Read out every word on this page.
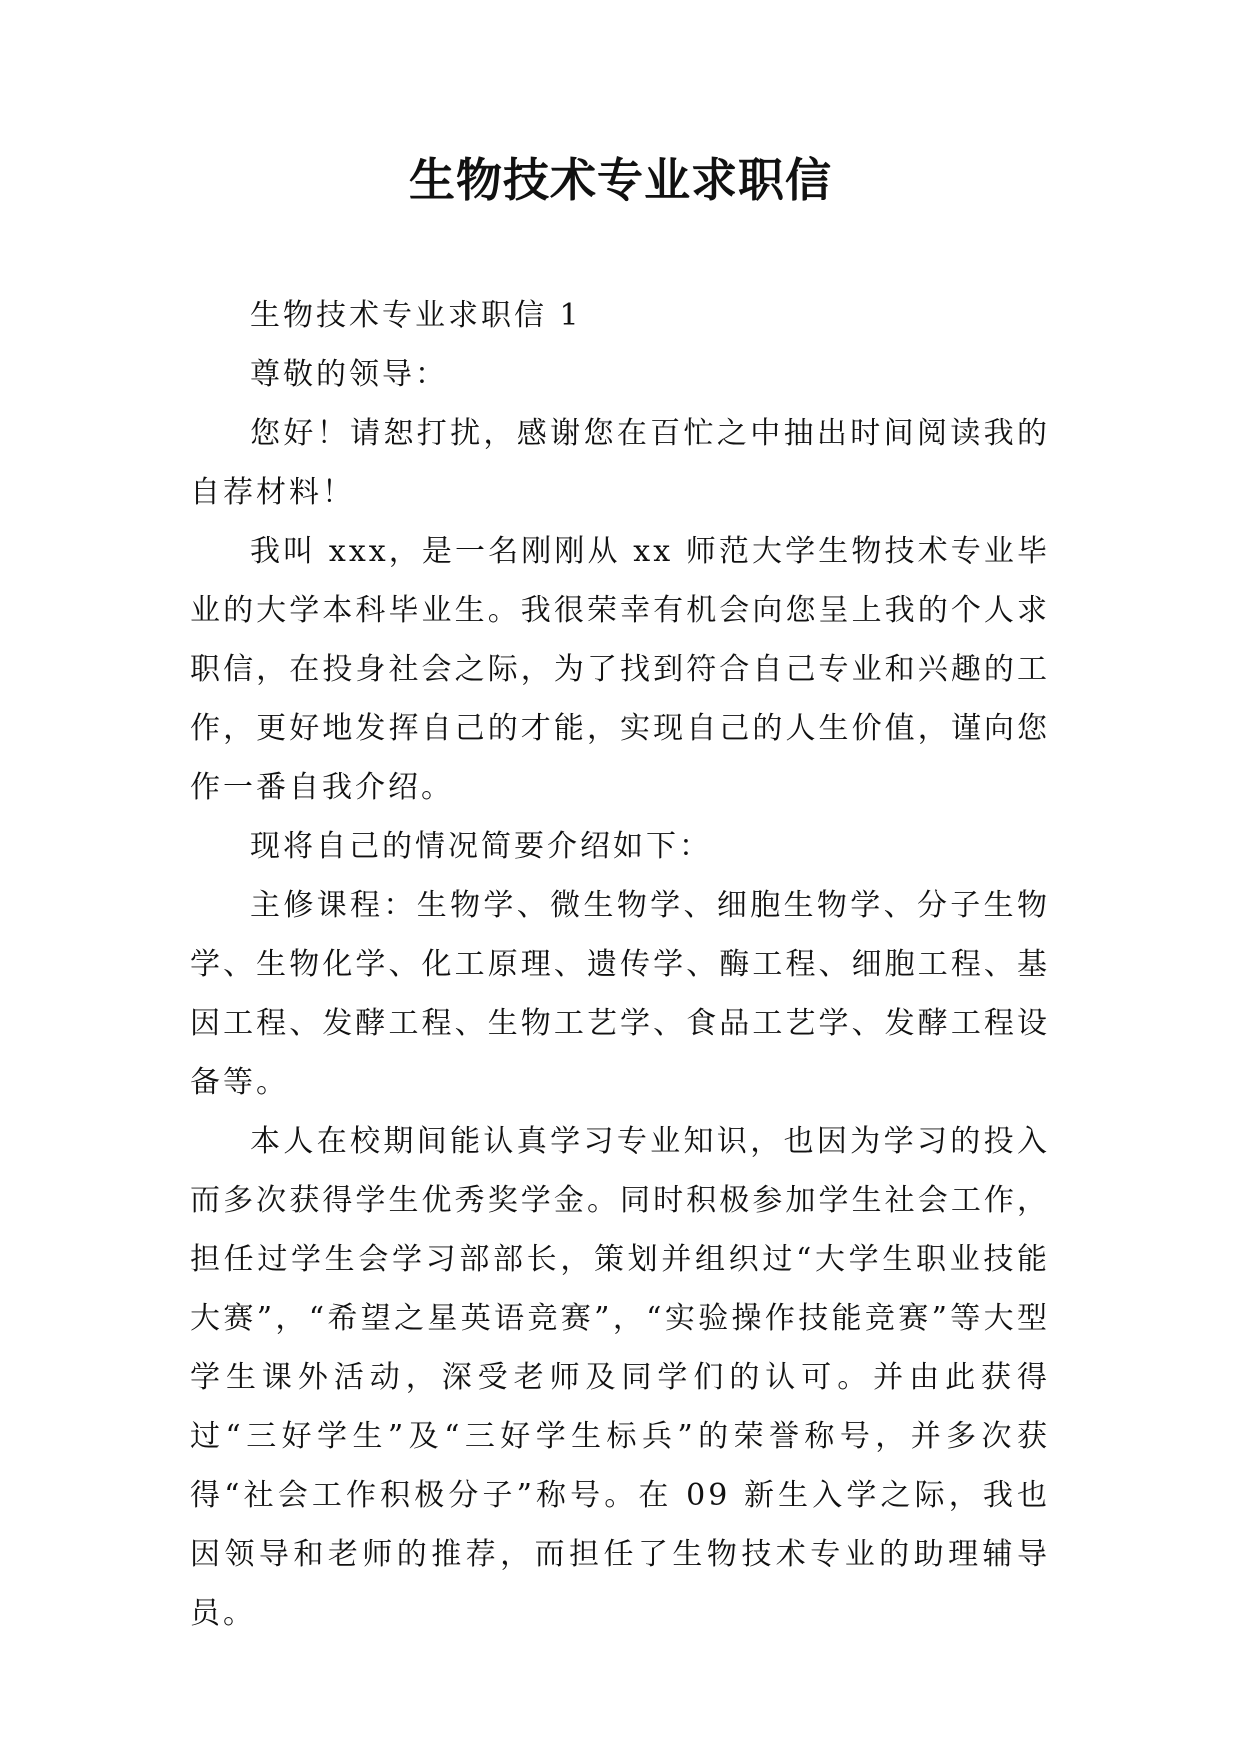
生物技术专业求职信

生物技术专业求职信 1

尊敬的领导：

您好！请恕打扰，感谢您在百忙之中抽出时间阅读我的自荐材料！

我叫 xxx，是一名刚刚从 xx 师范大学生物技术专业毕业的大学本科毕业生。我很荣幸有机会向您呈上我的个人求职信，在投身社会之际，为了找到符合自己专业和兴趣的工作，更好地发挥自己的才能，实现自己的人生价值，谨向您作一番自我介绍。

现将自己的情况简要介绍如下：

主修课程：生物学、微生物学、细胞生物学、分子生物学、生物化学、化工原理、遗传学、酶工程、细胞工程、基因工程、发酵工程、生物工艺学、食品工艺学、发酵工程设备等。

本人在校期间能认真学习专业知识，也因为学习的投入而多次获得学生优秀奖学金。同时积极参加学生社会工作，担任过学生会学习部部长，策划并组织过“大学生职业技能大赛”，“希望之星英语竞赛”，“实验操作技能竞赛”等大型学生课外活动，深受老师及同学们的认可。并由此获得过“三好学生”及“三好学生标兵”的荣誉称号，并多次获得“社会工作积极分子”称号。在 09 新生入学之际，我也因领导和老师的推荐，而担任了生物技术专业的助理辅导员。
